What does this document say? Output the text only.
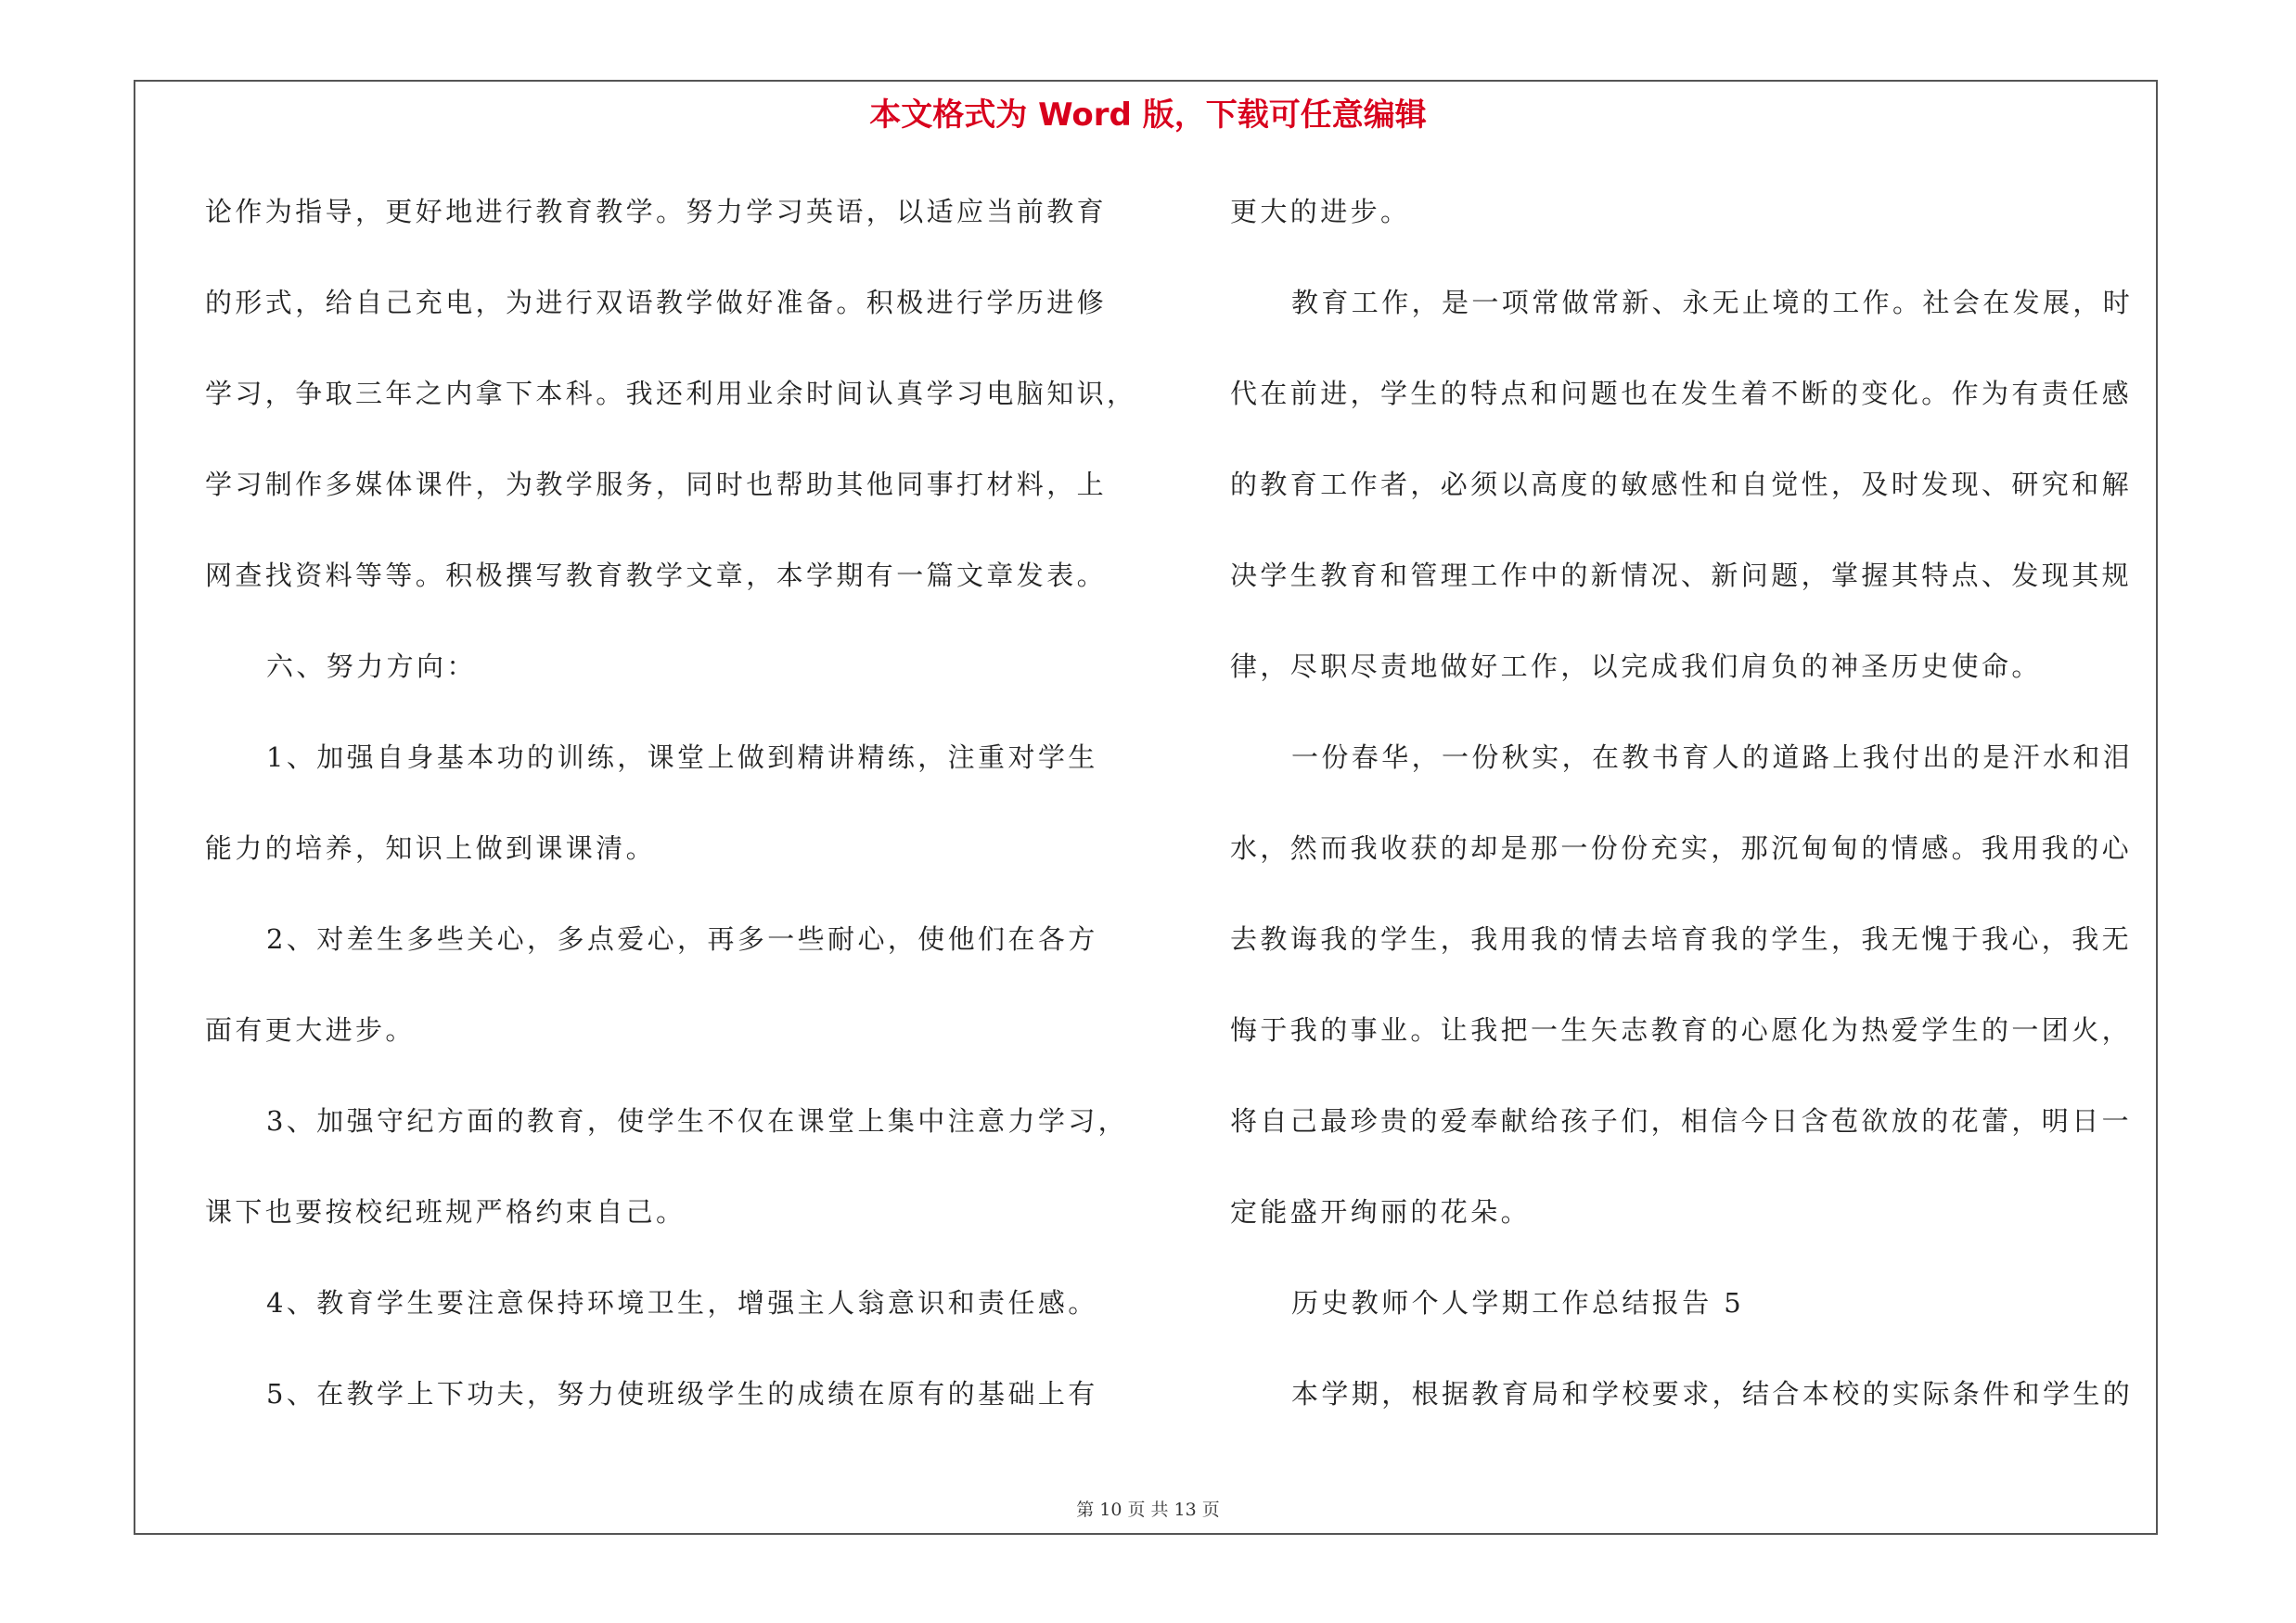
本文格式为 Word 版，下载可任意编辑
论作为指导，更好地进行教育教学。努力学习英语，以适应当前教育
的形式，给自己充电，为进行双语教学做好准备。积极进行学历进修
学习，争取三年之内拿下本科。我还利用业余时间认真学习电脑知识，
学习制作多媒体课件，为教学服务，同时也帮助其他同事打材料，上
网查找资料等等。积极撰写教育教学文章，本学期有一篇文章发表。
六、努力方向：
1、加强自身基本功的训练，课堂上做到精讲精练，注重对学生
能力的培养，知识上做到课课清。
2、对差生多些关心，多点爱心，再多一些耐心，使他们在各方
面有更大进步。
3、加强守纪方面的教育，使学生不仅在课堂上集中注意力学习，
课下也要按校纪班规严格约束自己。
4、教育学生要注意保持环境卫生，增强主人翁意识和责任感。
5、在教学上下功夫，努力使班级学生的成绩在原有的基础上有
更大的进步。
教育工作，是一项常做常新、永无止境的工作。社会在发展，时
代在前进，学生的特点和问题也在发生着不断的变化。作为有责任感
的教育工作者，必须以高度的敏感性和自觉性，及时发现、研究和解
决学生教育和管理工作中的新情况、新问题，掌握其特点、发现其规
律，尽职尽责地做好工作，以完成我们肩负的神圣历史使命。
一份春华，一份秋实，在教书育人的道路上我付出的是汗水和泪
水，然而我收获的却是那一份份充实，那沉甸甸的情感。我用我的心
去教诲我的学生，我用我的情去培育我的学生，我无愧于我心，我无
悔于我的事业。让我把一生矢志教育的心愿化为热爱学生的一团火，
将自己最珍贵的爱奉献给孩子们，相信今日含苞欲放的花蕾，明日一
定能盛开绚丽的花朵。
历史教师个人学期工作总结报告 5
本学期，根据教育局和学校要求，结合本校的实际条件和学生的
第 10 页 共 13 页
